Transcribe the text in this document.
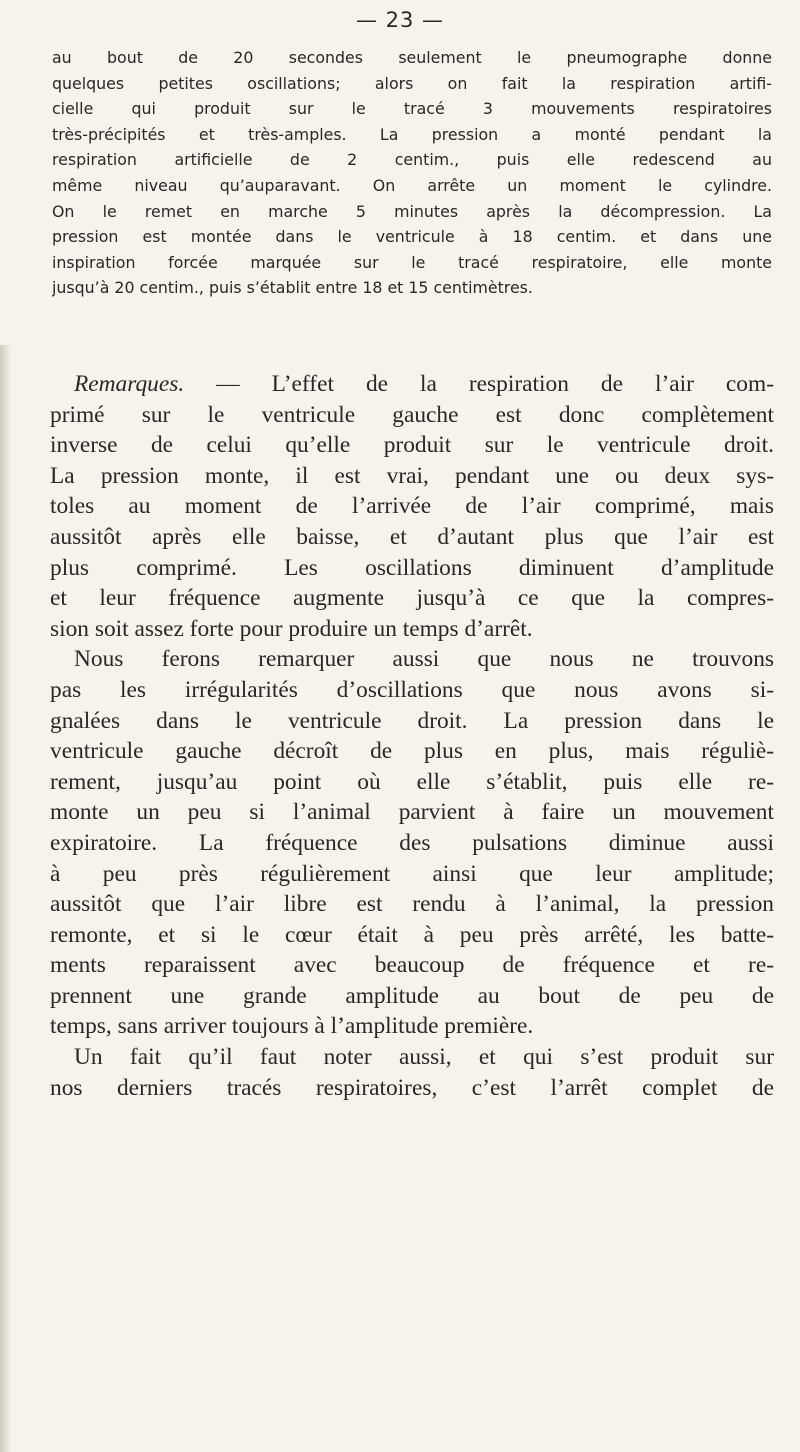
— 23 —
au bout de 20 secondes seulement le pneumographe donne
quelques petites oscillations; alors on fait la respiration artifi-
cielle qui produit sur le tracé 3 mouvements respiratoires
très-précipités et très-amples. La pression a monté pendant la
respiration artificielle de 2 centim., puis elle redescend au
même niveau qu’auparavant. On arrête un moment le cylindre.
On le remet en marche 5 minutes après la décompression. La
pression est montée dans le ventricule à 18 centim. et dans une
inspiration forcée marquée sur le tracé respiratoire, elle monte
jusqu’à 20 centim., puis s’établit entre 18 et 15 centimètres.
Remarques. — L’effet de la respiration de l’air com-
primé sur le ventricule gauche est donc complètement
inverse de celui qu’elle produit sur le ventricule droit.
La pression monte, il est vrai, pendant une ou deux sys-
toles au moment de l’arrivée de l’air comprimé, mais
aussitôt après elle baisse, et d’autant plus que l’air est
plus comprimé. Les oscillations diminuent d’amplitude
et leur fréquence augmente jusqu’à ce que la compres-
sion soit assez forte pour produire un temps d’arrêt.
Nous ferons remarquer aussi que nous ne trouvons
pas les irrégularités d’oscillations que nous avons si-
gnalées dans le ventricule droit. La pression dans le
ventricule gauche décroît de plus en plus, mais réguliè-
rement, jusqu’au point où elle s’établit, puis elle re-
monte un peu si l’animal parvient à faire un mouvement
expiratoire. La fréquence des pulsations diminue aussi
à peu près régulièrement ainsi que leur amplitude;
aussitôt que l’air libre est rendu à l’animal, la pression
remonte, et si le cœur était à peu près arrêté, les batte-
ments reparaissent avec beaucoup de fréquence et re-
prennent une grande amplitude au bout de peu de
temps, sans arriver toujours à l’amplitude première.
Un fait qu’il faut noter aussi, et qui s’est produit sur
nos derniers tracés respiratoires, c’est l’arrêt complet de
